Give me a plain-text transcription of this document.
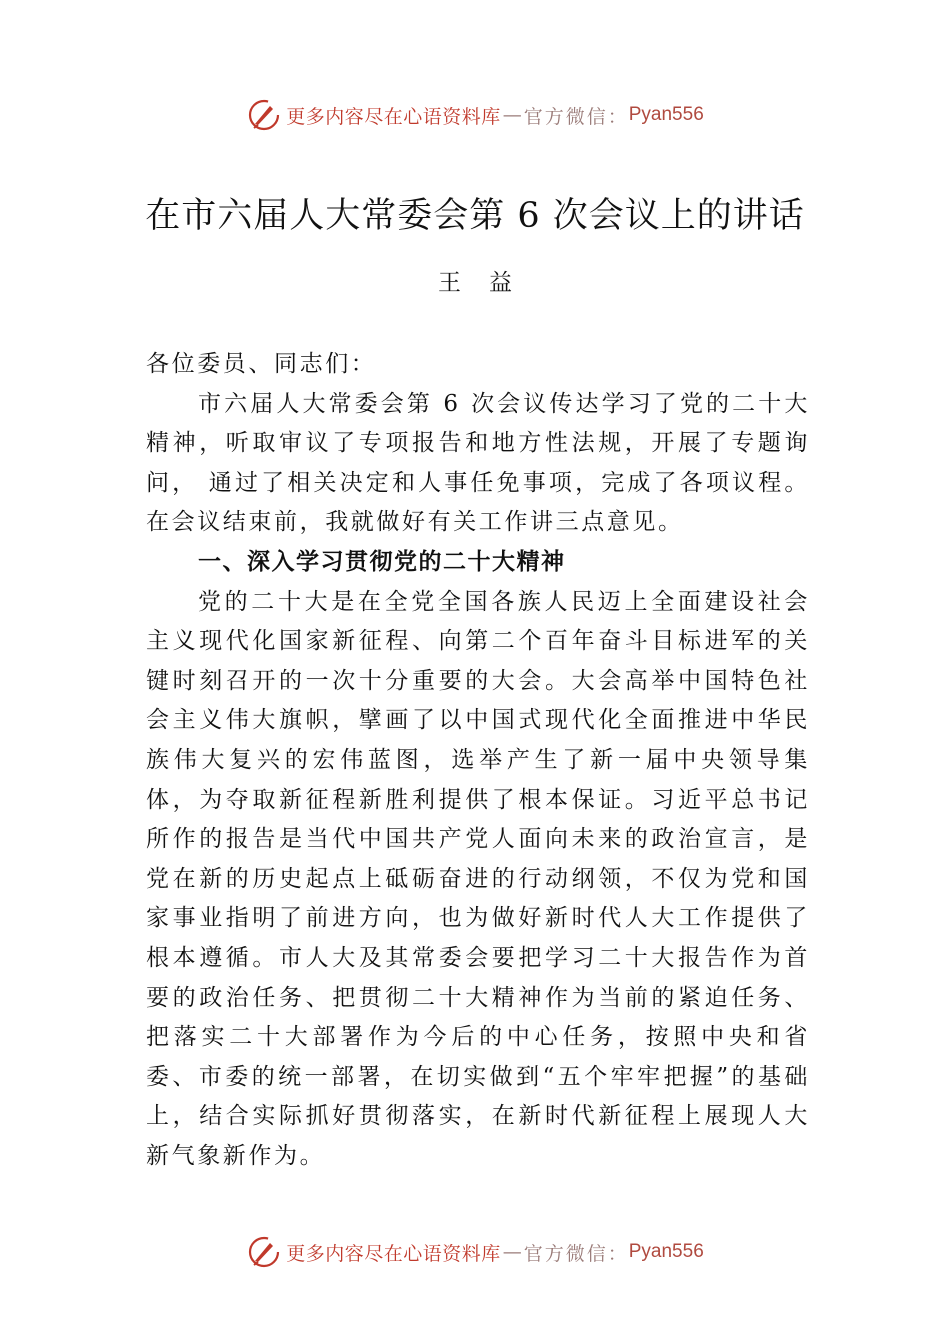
更多内容尽在心语资料库 — 官方微信： Pyan556
在市六届人大常委会第 6 次会议上的讲话
王益

各位委员、同志们：

市六届人大常委会第 6 次会议传达学习了党的二十大精神，听取审议了专项报告和地方性法规，开展了专题询问， 通过了相关决定和人事任免事项，完成了各项议程。在会议结束前，我就做好有关工作讲三点意见。

一、深入学习贯彻党的二十大精神

党的二十大是在全党全国各族人民迈上全面建设社会主义现代化国家新征程、向第二个百年奋斗目标进军的关键时刻召开的一次十分重要的大会。大会高举中国特色社会主义伟大旗帜，擘画了以中国式现代化全面推进中华民族伟大复兴的宏伟蓝图，选举产生了新一届中央领导集体，为夺取新征程新胜利提供了根本保证。习近平总书记所作的报告是当代中国共产党人面向未来的政治宣言，是党在新的历史起点上砥砺奋进的行动纲领，不仅为党和国家事业指明了前进方向，也为做好新时代人大工作提供了根本遵循。市人大及其常委会要把学习二十大报告作为首要的政治任务、把贯彻二十大精神作为当前的紧迫任务、把落实二十大部署作为今后的中心任务，按照中央和省委、市委的统一部署，在切实做到“五个牢牢把握”的基础上，结合实际抓好贯彻落实，在新时代新征程上展现人大新气象新作为。

更多内容尽在心语资料库 — 官方微信： Pyan556
